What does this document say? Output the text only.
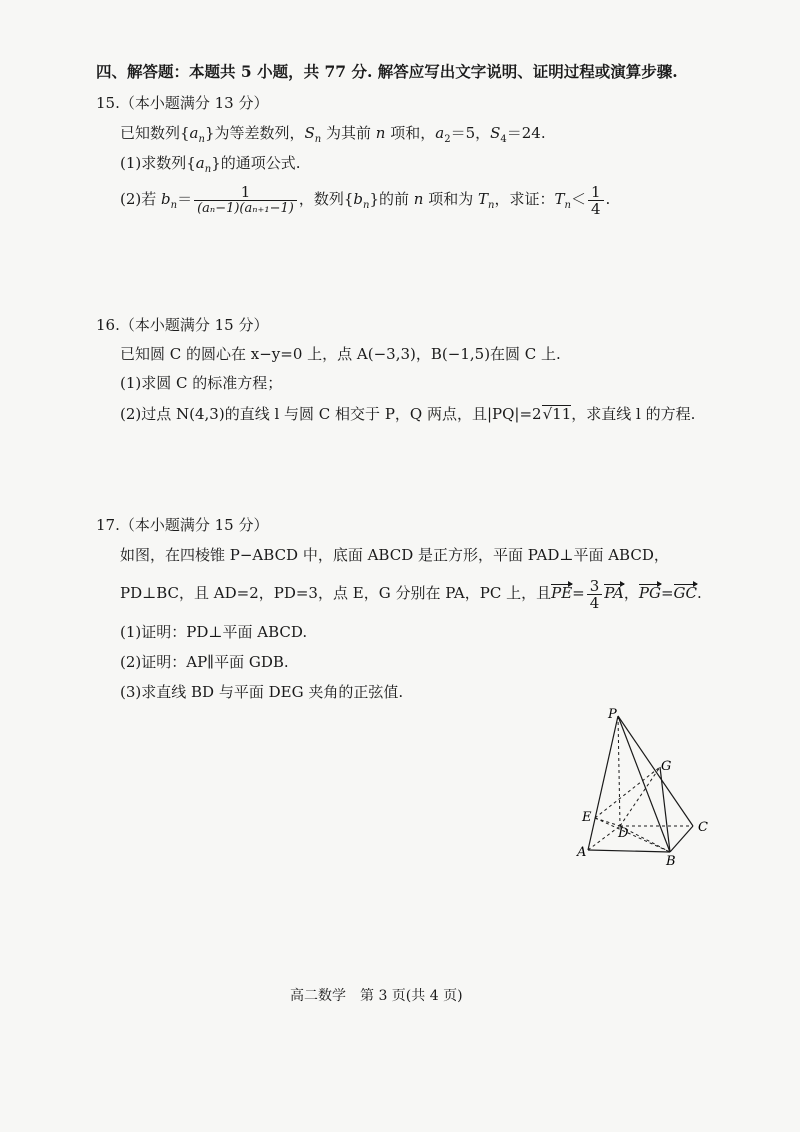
四、解答题：本题共 5 小题，共 77 分. 解答应写出文字说明、证明过程或演算步骤.
15.（本小题满分 13 分）
已知数列$\{a_n\}$为等差数列，$S_n$ 为其前 n 项和，$a_2=5$，$S_4=24$.
(1)求数列$\{a_n\}$的通项公式.
(2)若 $b_n= \frac{1}{\text{(aₙ−1)(aₙ₊₁−1)}}$ ，数列$\{b_n\}$的前 n 项和为 $T_n$，求证：$T_n< \frac{1}{4}$ .
16.（本小题满分 15 分）
已知圆 C 的圆心在 x−y=0 上，点 A(−3,3)，B(−1,5)在圆 C 上.
(1)求圆 C 的标准方程；
(2)过点 N(4,3)的直线 l 与圆 C 相交于 P，Q 两点，且|PQ|=2√11，求直线 l 的方程.
17.（本小题满分 15 分）
如图，在四棱锥 P−ABCD 中，底面 ABCD 是正方形，平面 PAD⊥平面 ABCD，
PD⊥BC，且 AD=2，PD=3，点 E，G 分别在 PA，PC 上，且$PE= \frac{3}{4}$ PA，PG=GC.
(1)证明：PD⊥平面 ABCD.
(2)证明：AP∥平面 GDB.
(3)求直线 BD 与平面 DEG 夹角的正弦值.
P
G
E
D	C
A
B
高二数学　第 3 页(共 4 页)
